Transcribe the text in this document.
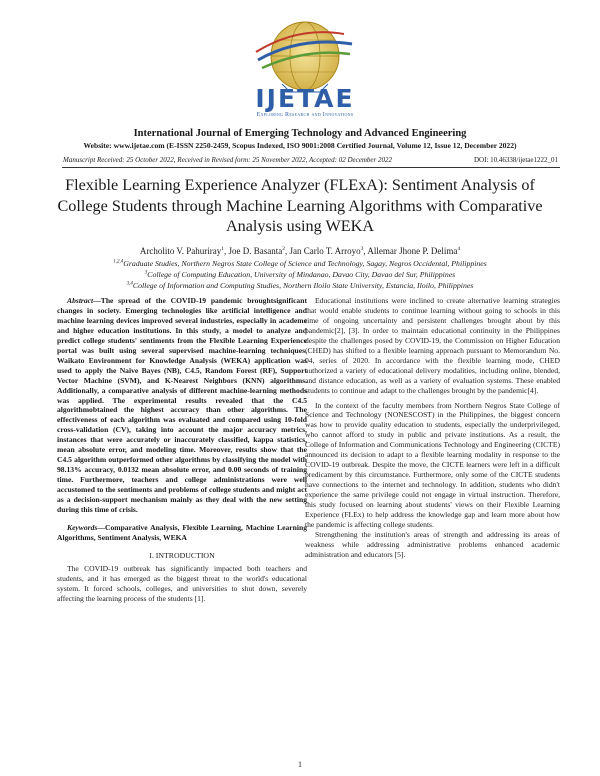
IJETAE
Exploring Research and Innovations
International Journal of Emerging Technology and Advanced Engineering
Website: www.ijetae.com (E-ISSN 2250-2459, Scopus Indexed, ISO 9001:2008 Certified Journal, Volume 12, Issue 12, December 2022)
Manuscript Received: 25 October 2022, Received in Revised form: 25 November 2022, Accepted: 02 December 2022	DOI: 10.46338/ijetae1222_01
Flexible Learning Experience Analyzer (FLExA): Sentiment Analysis of College Students through Machine Learning Algorithms with Comparative Analysis using WEKA
Archolito V. Pahuriray$^1$, Joe D. Basanta$^2$, Jan Carlo T. Arroyo$^3$, Allemar Jhone P. Delima$^4$
$^{1,2,4}$Graduate Studies, Northern Negros State College of Science and Technology, Sagay, Negros Occidental, Philippines
$^3$College of Computing Education, University of Mindanao, Davao City, Davao del Sur, Philippines
$^{3,4}$College of Information and Computing Studies, Northern Iloilo State University, Estancia, Iloilo, Philippines

Abstract—The spread of the COVID-19 pandemic broughtsignificant changes in society. Emerging technologies like artificial intelligence and machine learning devices improved several industries, especially in academe and higher education institutions. In this study, a model to analyze and predict college students' sentiments from the Flexible Learning Experience portal was built using several supervised machine-learning techniques. Waikato Environment for Knowledge Analysis (WEKA) application was used to apply the Naive Bayes (NB), C4.5, Random Forest (RF), Support Vector Machine (SVM), and K-Nearest Neighbors (KNN) algorithms. Additionally, a comparative analysis of different machine-learning methods was applied. The experimental results revealed that the C4.5 algorithmobtained the highest accuracy than other algorithms. The effectiveness of each algorithm was evaluated and compared using 10-fold cross-validation (CV), taking into account the major accuracy metrics, instances that were accurately or inaccurately classified, kappa statistics, mean absolute error, and modeling time. Moreover, results show that the C4.5 algorithm outperformed other algorithms by classifying the model with 98.13% accuracy, 0.0132 mean absolute error, and 0.00 seconds of training time. Furthermore, teachers and college administrations were well accustomed to the sentiments and problems of college students and might act as a decision-support mechanism mainly as they deal with the new setting during this time of crisis.

Keywords—Comparative Analysis, Flexible Learning, Machine Learning Algorithms, Sentiment Analysis, WEKA

I. INTRODUCTION

The COVID-19 outbreak has significantly impacted both teachers and students, and it has emerged as the biggest threat to the world's educational system. It forced schools, colleges, and universities to shut down, severely affecting the learning process of the students [1].

Educational institutions were inclined to create alternative learning strategies that would enable students to continue learning without going to schools in this time of ongoing uncertainty and persistent challenges brought about by this pandemic[2], [3]. In order to maintain educational continuity in the Philippines despite the challenges posed by COVID-19, the Commission on Higher Education (CHED) has shifted to a flexible learning approach pursuant to Memorandum No. 04, series of 2020. In accordance with the flexible learning mode, CHED authorized a variety of educational delivery modalities, including online, blended, and distance education, as well as a variety of evaluation systems. These enabled students to continue and adapt to the challenges brought by the pandemic[4].

In the context of the faculty members from Northern Negros State College of Science and Technology (NONESCOST) in the Philippines, the biggest concern was how to provide quality education to students, especially the underprivileged, who cannot afford to study in public and private institutions. As a result, the College of Information and Communications Technology and Engineering (CICTE) announced its decision to adapt to a flexible learning modality in response to the COVID-19 outbreak. Despite the move, the CICTE learners were left in a difficult predicament by this circumstance. Furthermore, only some of the CICTE students have connections to the internet and technology. In addition, students who didn't experience the same privilege could not engage in virtual instruction. Therefore, this study focused on learning about students' views on their Flexible Learning Experience (FLEx) to help address the knowledge gap and learn more about how the pandemic is affecting college students.

Strengthening the institution's areas of strength and addressing its areas of weakness while addressing administrative problems enhanced academic administration and educators [5].

1
